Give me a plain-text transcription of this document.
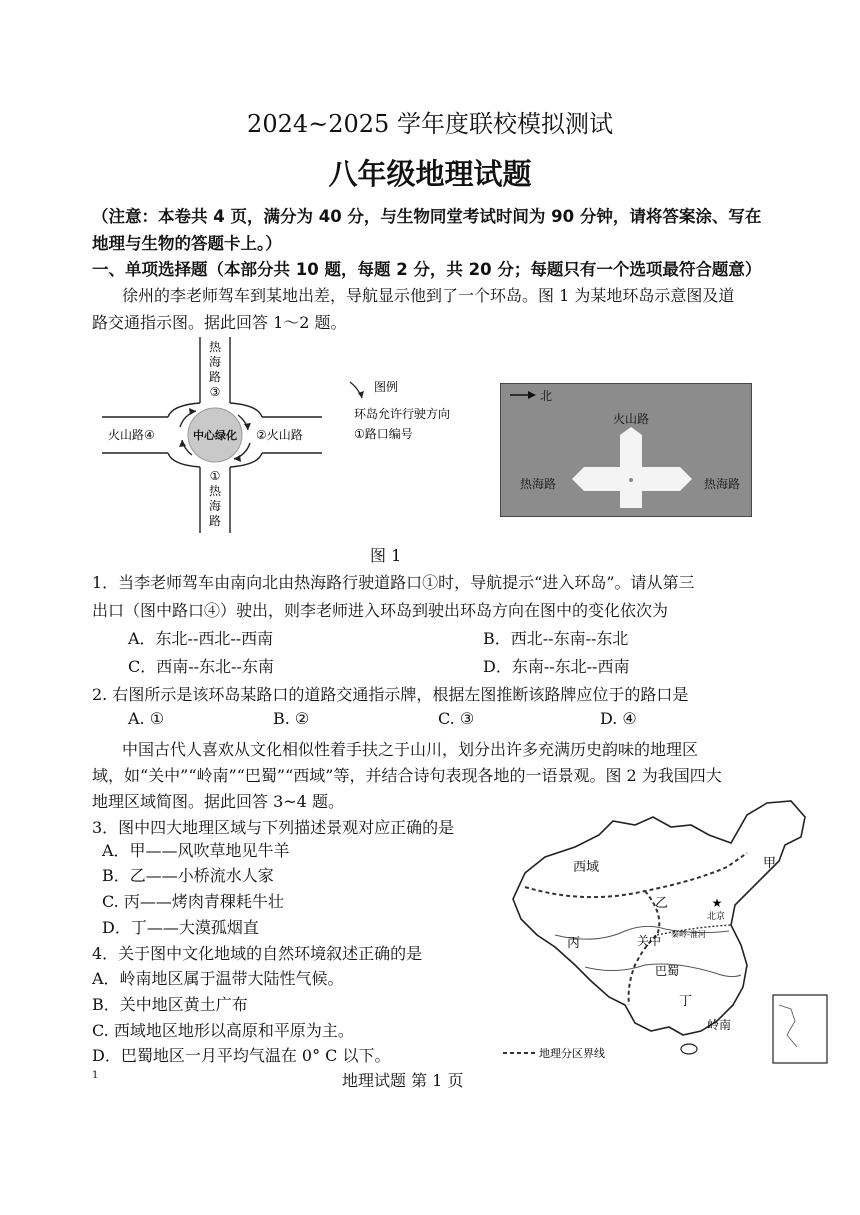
2024~2025 学年度联校模拟测试
八年级地理试题
（注意：本卷共 4 页，满分为 40 分，与生物同堂考试时间为 90 分钟，请将答案涂、写在
地理与生物的答题卡上。）
一、单项选择题（本部分共 10 题，每题 2 分，共 20 分；每题只有一个选项最符合题意）
徐州的李老师驾车到某地出差，导航显示他到了一个环岛。图 1 为某地环岛示意图及道
路交通指示图。据此回答 1～2 题。
中心绿化
热
海
路
③
①
热
海
路
火山路④	②火山路
图例
环岛允许行驶方向
①路口编号
北
火山路
热海路	热海路
图 1
1．当李老师驾车由南向北由热海路行驶道路口①时，导航提示“进入环岛”。请从第三
出口（图中路口④）驶出，则李老师进入环岛到驶出环岛方向在图中的变化依次为
A．东北--西北--西南	B．西北--东南--东北
C．西南--东北--东南	D．东南--东北--西南
2. 右图所示是该环岛某路口的道路交通指示牌，根据左图推断该路牌应位于的路口是
A. ①	B. ②	C. ③	D. ④
中国古代人喜欢从文化相似性着手扶之于山川，划分出许多充满历史韵味的地理区
域，如“关中”“岭南”“巴蜀”“西域”等，并结合诗句表现各地的一语景观。图 2 为我国四大
地理区域简图。据此回答 3~4 题。
3．图中四大地理区域与下列描述景观对应正确的是
A．甲——风吹草地见牛羊
B．乙——小桥流水人家
C. 丙——烤肉青稞耗牛壮
D．丁——大漠孤烟直
4．关于图中文化地域的自然环境叙述正确的是
A．岭南地区属于温带大陆性气候。
B．关中地区黄土广布
C. 西域地区地形以高原和平原为主。
D．巴蜀地区一月平均气温在 0° C 以下。
★
西域	甲
乙
丙	关中
北京
秦岭-淮河
巴蜀
丁
岭南
地理分区界线
1	地理试题 第 1 页
